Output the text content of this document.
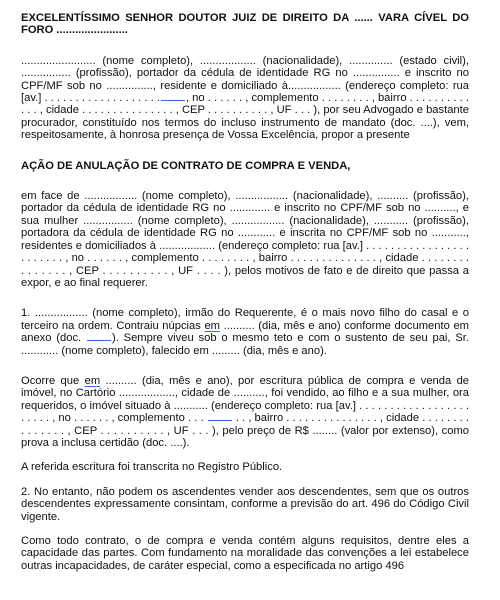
EXCELENTÍSSIMO SENHOR DOUTOR JUIZ DE DIREITO DA ...... VARA CÍVEL DO FORO .......................

........................ (nome completo), .................. (nacionalidade), .............. (estado civil), ................ (profissão), portador da cédula de identidade RG no ............... e inscrito no CPF/MF sob no ..............., residente e domiciliado à................. (endereço completo: rua [av.] . . . . . . . . . . . . . . . . . . . , no . . . . . . , complemento . . . . . . . . , bairro . . . . . . . . . . . . . , cidade . . . . . . . . . . . . . . . , CEP . . . . . . . . . . , UF . . . ), por seu Advogado e bastante procurador, constituído nos termos do incluso instrumento de mandato (doc. ....), vem, respeitosamente, à honrosa presença de Vossa Excelência, propor a presente

AÇÃO DE ANULAÇÃO DE CONTRATO DE COMPRA E VENDA,

em face de ................. (nome completo), ................. (nacionalidade), .......... (profissão), portador da cédula de identidade RG no ............. e inscrito no CPF/MF sob no .........., e sua mulher ................ (nome completo), ................. (nacionalidade), ........... (profissão), portadora da cédula de identidade RG no ............ e inscrita no CPF/MF sob no ..........., residentes e domiciliados à .................. (endereço completo: rua [av.] . . . . . . . . . . . . . . . . . . . . . . . . , no . . . . . . , complemento . . . . . . . . , bairro . . . . . . . . . . . . . . , cidade . . . . . . . . . . . . . . . , CEP . . . . . . . . . . , UF . . . . ), pelos motivos de fato e de direito que passa a expor, e ao final requerer.

1. ................. (nome completo), irmão do Requerente, é o mais novo filho do casal e o terceiro na ordem. Contraiu núpcias em .......... (dia, mês e ano) conforme documento em anexo (doc.	). Sempre viveu sob o mesmo teto e com o sustento de seu pai, Sr. ............ (nome completo), falecido em ......... (dia, mês e ano).

Ocorre que em .......... (dia, mês e ano), por escritura pública de compra e venda de imóvel, no Cartório .................., cidade de .........., foi vendido, ao filho e a sua mulher, ora requeridos, o imóvel situado à ........... (endereço completo: rua [av.] . . . . . . . . . . . . . . . . . . . . . . . , no . . . . . . , complemento . . .	. . , bairro . . . . . . . . . . . . . . . , cidade . . . . . . . . . . . . . . . , CEP . . . . . . . . . . , UF . . . ), pelo preço de R$ ........ (valor por extenso), como prova a inclusa certidão (doc. ....).

A referida escritura foi transcrita no Registro Público.

2. No entanto, não podem os ascendentes vender aos descendentes, sem que os outros descendentes expressamente consintam, conforme a previsão do art. 496 do Código Civil vigente.

Como todo contrato, o de compra e venda contém alguns requisitos, dentre eles a capacidade das partes. Com fundamento na moralidade das convenções a lei estabelece outras incapacidades, de caráter especial, como a especificada no artigo 496
